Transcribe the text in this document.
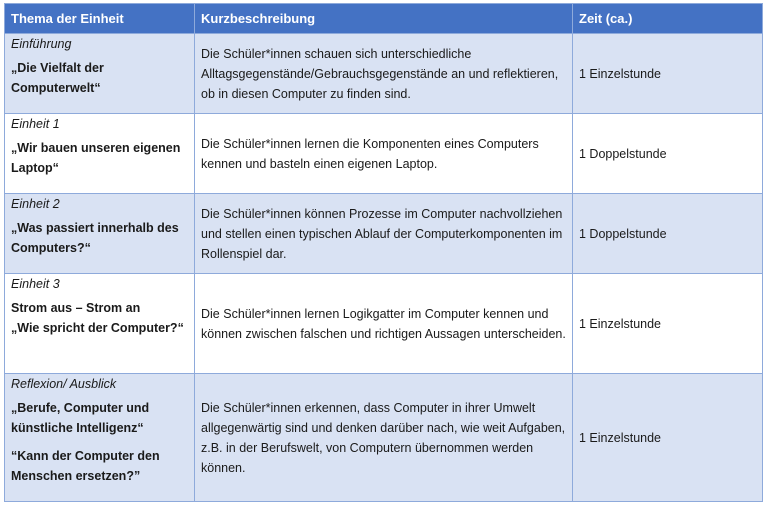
Thema der Einheit	Kurzbeschreibung	Zeit (ca.)

Einführung
„Die Vielfalt der Computerwelt“	Die Schüler*innen schauen sich unterschiedliche Alltagsgegenstände/Gebrauchsgegenstände an und reflektieren, ob in diesen Computer zu finden sind.	1 Einzelstunde

Einheit 1
„Wir bauen unseren eigenen Laptop“	Die Schüler*innen lernen die Komponenten eines Computers kennen und basteln einen eigenen Laptop.	1 Doppelstunde

Einheit 2
„Was passiert innerhalb des Computers?“	Die Schüler*innen können Prozesse im Computer nachvollziehen und stellen einen typischen Ablauf der Computerkomponenten im Rollenspiel dar.	1 Doppelstunde

Einheit 3
Strom aus – Strom an
„Wie spricht der Computer?“	Die Schüler*innen lernen Logikgatter im Computer kennen und können zwischen falschen und richtigen Aussagen unterscheiden.	1 Einzelstunde

Reflexion/ Ausblick
„Berufe, Computer und künstliche Intelligenz“
“Kann der Computer den Menschen ersetzen?”	Die Schüler*innen erkennen, dass Computer in ihrer Umwelt allgegenwärtig sind und denken darüber nach, wie weit Aufgaben, z.B. in der Berufswelt, von Computern übernommen werden können.	1 Einzelstunde
